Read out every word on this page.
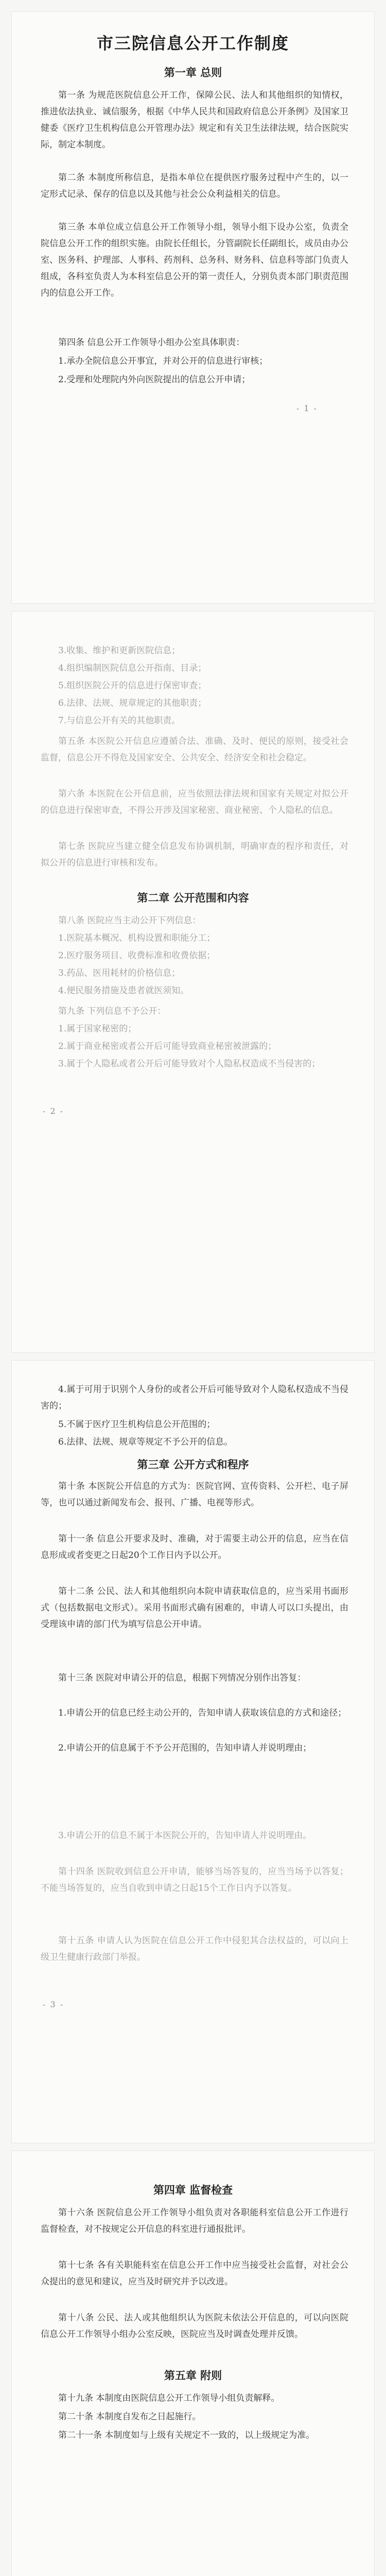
市三院信息公开工作制度
第一章 总则
第一条 为规范医院信息公开工作，保障公民、法人和其他组织的知情权，推进依法执业、诚信服务，根据《中华人民共和国政府信息公开条例》及国家卫健委《医疗卫生机构信息公开管理办法》规定和有关卫生法律法规，结合医院实际，制定本制度。
第二条 本制度所称信息，是指本单位在提供医疗服务过程中产生的，以一定形式记录、保存的信息以及其他与社会公众利益相关的信息。
第三条 本单位成立信息公开工作领导小组，领导小组下设办公室，负责全院信息公开工作的组织实施。由院长任组长，分管副院长任副组长，成员由办公室、医务科、护理部、人事科、药剂科、总务科、财务科、信息科等部门负责人组成，各科室负责人为本科室信息公开的第一责任人，分别负责本部门职责范围内的信息公开工作。
第四条 信息公开工作领导小组办公室具体职责：
1.承办全院信息公开事宜，并对公开的信息进行审核；
2.受理和处理院内外向医院提出的信息公开申请；
- 1 -
3.收集、维护和更新医院信息；
4.组织编制医院信息公开指南、目录；
5.组织医院公开的信息进行保密审查；
6.法律、法规、规章规定的其他职责；
7.与信息公开有关的其他职责。
第五条 本医院公开信息应遵循合法、准确、及时、便民的原则，接受社会监督，信息公开不得危及国家安全、公共安全、经济安全和社会稳定。
第六条 本医院在公开信息前，应当依照法律法规和国家有关规定对拟公开的信息进行保密审查，不得公开涉及国家秘密、商业秘密、个人隐私的信息。
第七条 医院应当建立健全信息发布协调机制，明确审查的程序和责任，对拟公开的信息进行审核和发布。
第二章 公开范围和内容
第八条 医院应当主动公开下列信息：
1.医院基本概况、机构设置和职能分工；
2.医疗服务项目、收费标准和收费依据；
3.药品、医用耗材的价格信息；
4.便民服务措施及患者就医须知。
第九条 下列信息不予公开：
1.属于国家秘密的；
2.属于商业秘密或者公开后可能导致商业秘密被泄露的；
3.属于个人隐私或者公开后可能导致对个人隐私权造成不当侵害的；
- 2 -
4.属于可用于识别个人身份的或者公开后可能导致对个人隐私权造成不当侵害的；
5.不属于医疗卫生机构信息公开范围的；
6.法律、法规、规章等规定不予公开的信息。
第三章 公开方式和程序
第十条 本医院公开信息的方式为：医院官网、宣传资料、公开栏、电子屏等，也可以通过新闻发布会、报刊、广播、电视等形式。
第十一条 信息公开要求及时、准确，对于需要主动公开的信息，应当在信息形成或者变更之日起20个工作日内予以公开。
第十二条 公民、法人和其他组织向本院申请获取信息的，应当采用书面形式（包括数据电文形式）。采用书面形式确有困难的，申请人可以口头提出，由受理该申请的部门代为填写信息公开申请。
第十三条 医院对申请公开的信息，根据下列情况分别作出答复：
1.申请公开的信息已经主动公开的，告知申请人获取该信息的方式和途径；
2.申请公开的信息属于不予公开范围的，告知申请人并说明理由；
3.申请公开的信息不属于本医院公开的，告知申请人并说明理由。
第十四条 医院收到信息公开申请，能够当场答复的，应当当场予以答复；不能当场答复的，应当自收到申请之日起15个工作日内予以答复。
第十五条 申请人认为医院在信息公开工作中侵犯其合法权益的，可以向上级卫生健康行政部门举报。
- 3 -
第四章 监督检查
第十六条 医院信息公开工作领导小组负责对各职能科室信息公开工作进行监督检查，对不按规定公开信息的科室进行通报批评。
第十七条 各有关职能科室在信息公开工作中应当接受社会监督，对社会公众提出的意见和建议，应当及时研究并予以改进。
第十八条 公民、法人或其他组织认为医院未依法公开信息的，可以向医院信息公开工作领导小组办公室反映，医院应当及时调查处理并反馈。
第五章 附则
第十九条 本制度由医院信息公开工作领导小组负责解释。
第二十条 本制度自发布之日起施行。
第二十一条 本制度如与上级有关规定不一致的，以上级规定为准。
